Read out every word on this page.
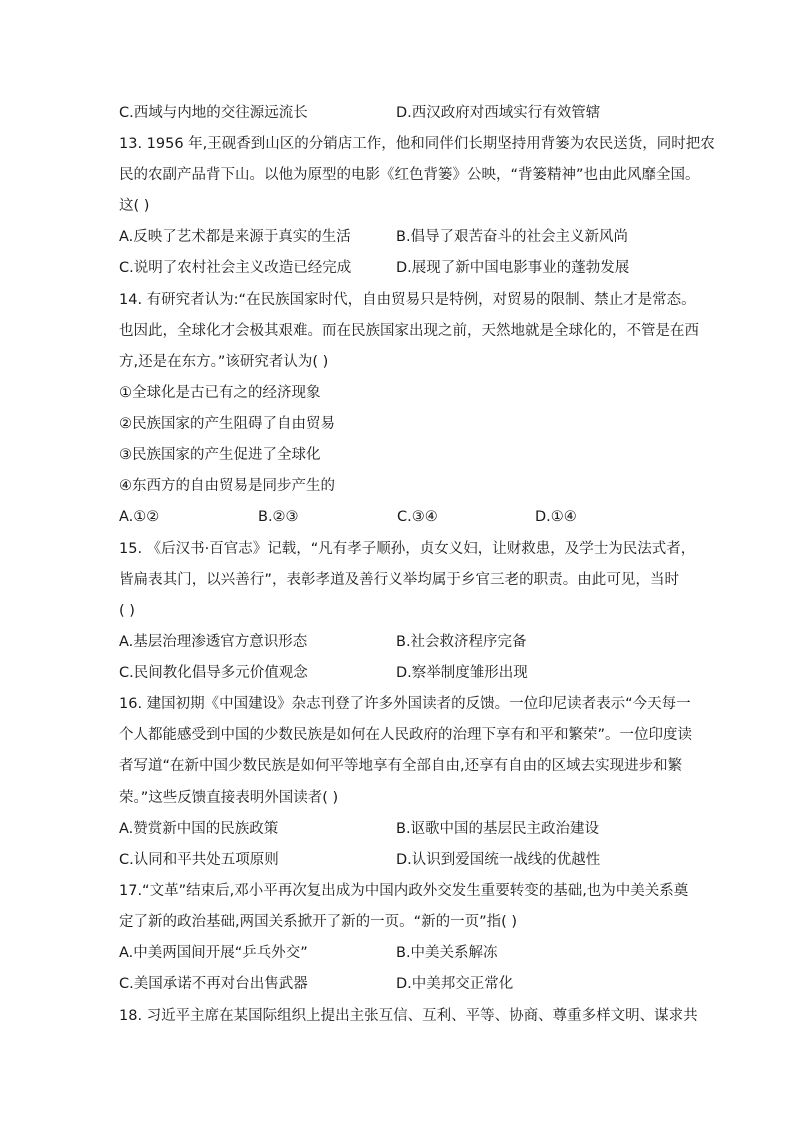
C.西域与内地的交往源远流长	D.西汉政府对西域实行有效管辖
13. 1956 年,王砚香到山区的分销店工作，他和同伴们长期坚持用背篓为农民送货，同时把农
民的农副产品背下山。以他为原型的电影《红色背篓》公映，“背篓精神”也由此风靡全国。
这( )
A.反映了艺术都是来源于真实的生活	B.倡导了艰苦奋斗的社会主义新风尚
C.说明了农村社会主义改造已经完成	D.展现了新中国电影事业的蓬勃发展
14. 有研究者认为:“在民族国家时代，自由贸易只是特例，对贸易的限制、禁止才是常态。
也因此，全球化才会极其艰难。而在民族国家出现之前，天然地就是全球化的，不管是在西
方,还是在东方。”该研究者认为( )
①全球化是古已有之的经济现象
②民族国家的产生阻碍了自由贸易
③民族国家的产生促进了全球化
④东西方的自由贸易是同步产生的
A.①②	B.②③	C.③④	D.①④
15. 《后汉书·百官志》记载，“凡有孝子顺孙，贞女义妇，让财救患，及学士为民法式者，
皆扁表其门，以兴善行”，表彰孝道及善行义举均属于乡官三老的职责。由此可见，当时
( )
A.基层治理渗透官方意识形态	B.社会救济程序完备
C.民间教化倡导多元价值观念	D.察举制度雏形出现
16. 建国初期《中国建设》杂志刊登了许多外国读者的反馈。一位印尼读者表示“今天每一
个人都能感受到中国的少数民族是如何在人民政府的治理下享有和平和繁荣”。一位印度读
者写道“在新中国少数民族是如何平等地享有全部自由,还享有自由的区域去实现进步和繁
荣。”这些反馈直接表明外国读者( )
A.赞赏新中国的民族政策	B.讴歌中国的基层民主政治建设
C.认同和平共处五项原则	D.认识到爱国统一战线的优越性
17.“文革”结束后,邓小平再次复出成为中国内政外交发生重要转变的基础,也为中美关系奠
定了新的政治基础,两国关系掀开了新的一页。“新的一页”指( )
A.中美两国间开展“乒乓外交”	B.中美关系解冻
C.美国承诺不再对台出售武器	D.中美邦交正常化
18. 习近平主席在某国际组织上提出主张互信、互利、平等、协商、尊重多样文明、谋求共
